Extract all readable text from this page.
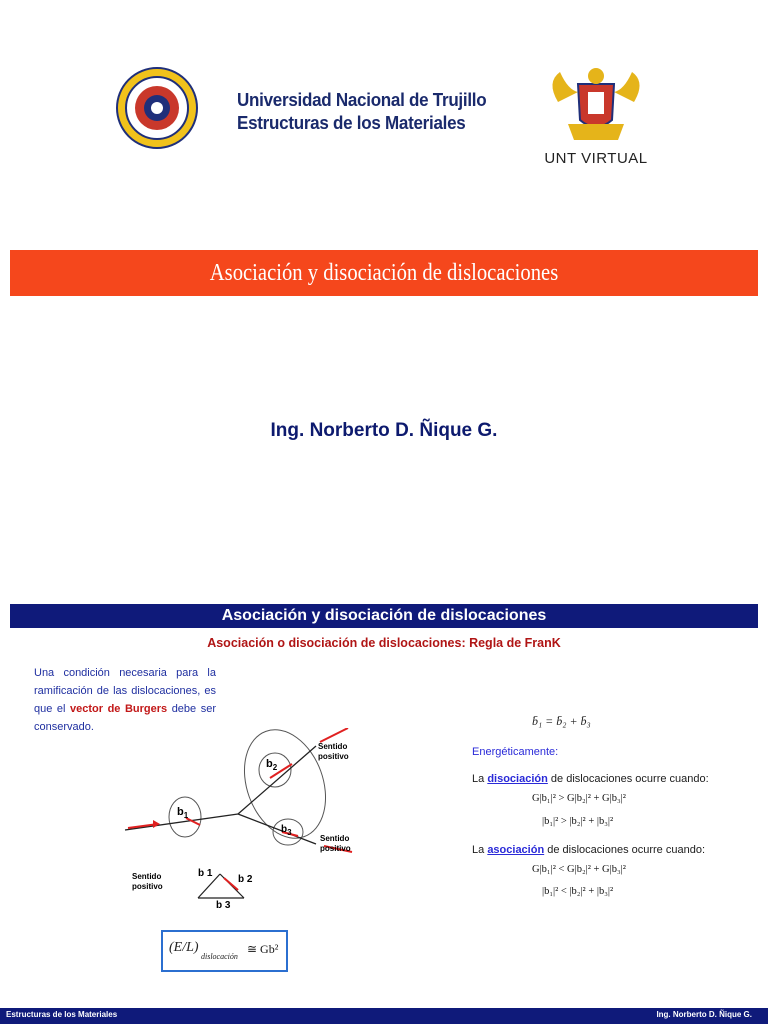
Universidad Nacional de Trujillo
Estructuras de los Materiales
UNT VIRTUAL
Asociación y disociación de dislocaciones
Ing. Norberto D. Ñique G.
Asociación y disociación de dislocaciones
Asociación o disociación de dislocaciones: Regla de FranK
Una condición necesaria para la ramificación de las dislocaciones, es que el vector de Burgers debe ser conservado.
$b_1$
$b_2$
$b_3$
Sentido
positivo
Sentido
positivo
Sentido
positivo
b 1
b 2
b 3
(E/L)
dislocación
≅ Gb²
b̄₁ = b̄₂ + b̄₃
Energéticamente:
La disociación de dislocaciones ocurre cuando:
G|b₁|² > G|b₂|² + G|b₃|²
|b₁|² > |b₂|² + |b₃|²
La asociación de dislocaciones ocurre cuando:
G|b₁|² < G|b₂|² + G|b₃|²
|b₁|² < |b₂|² + |b₃|²
Estructuras de los Materiales	Ing. Norberto D. Ñique G.
